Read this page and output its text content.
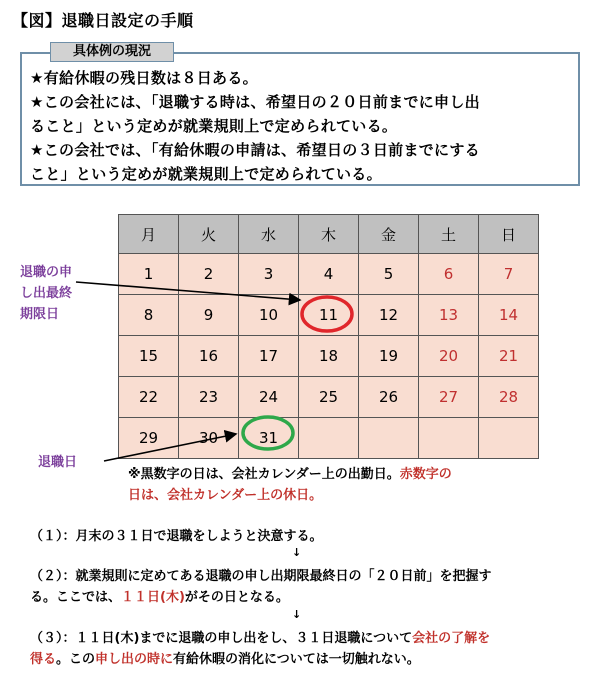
【図】退職日設定の手順
具体例の現況
★有給休暇の残日数は８日ある。
★この会社には、「退職する時は、希望日の２０日前までに申し出
ること」という定めが就業規則上で定められている。
★この会社では、「有給休暇の申請は、希望日の３日前までにする
こと」という定めが就業規則上で定められている。
月	火	水	木	金	土	日
1	2	3	4	5	6	7
8	9	10	11	12	13	14
15	16	17	18	19	20	21
22	23	24	25	26	27	28
29	30	31				
退職の申
し出最終
期限日
退職日
※黒数字の日は、会社カレンダー上の出勤日。赤数字の
日は、会社カレンダー上の休日。
（１）：月末の３１日で退職をしようと決意する。
↓
（２）：就業規則に定めてある退職の申し出期限最終日の「２０日前」を把握す
る。ここでは、１１日(木)がその日となる。
↓
（３）：１１日(木)までに退職の申し出をし、３１日退職について会社の了解を
得る。この申し出の時に有給休暇の消化については一切触れない。
